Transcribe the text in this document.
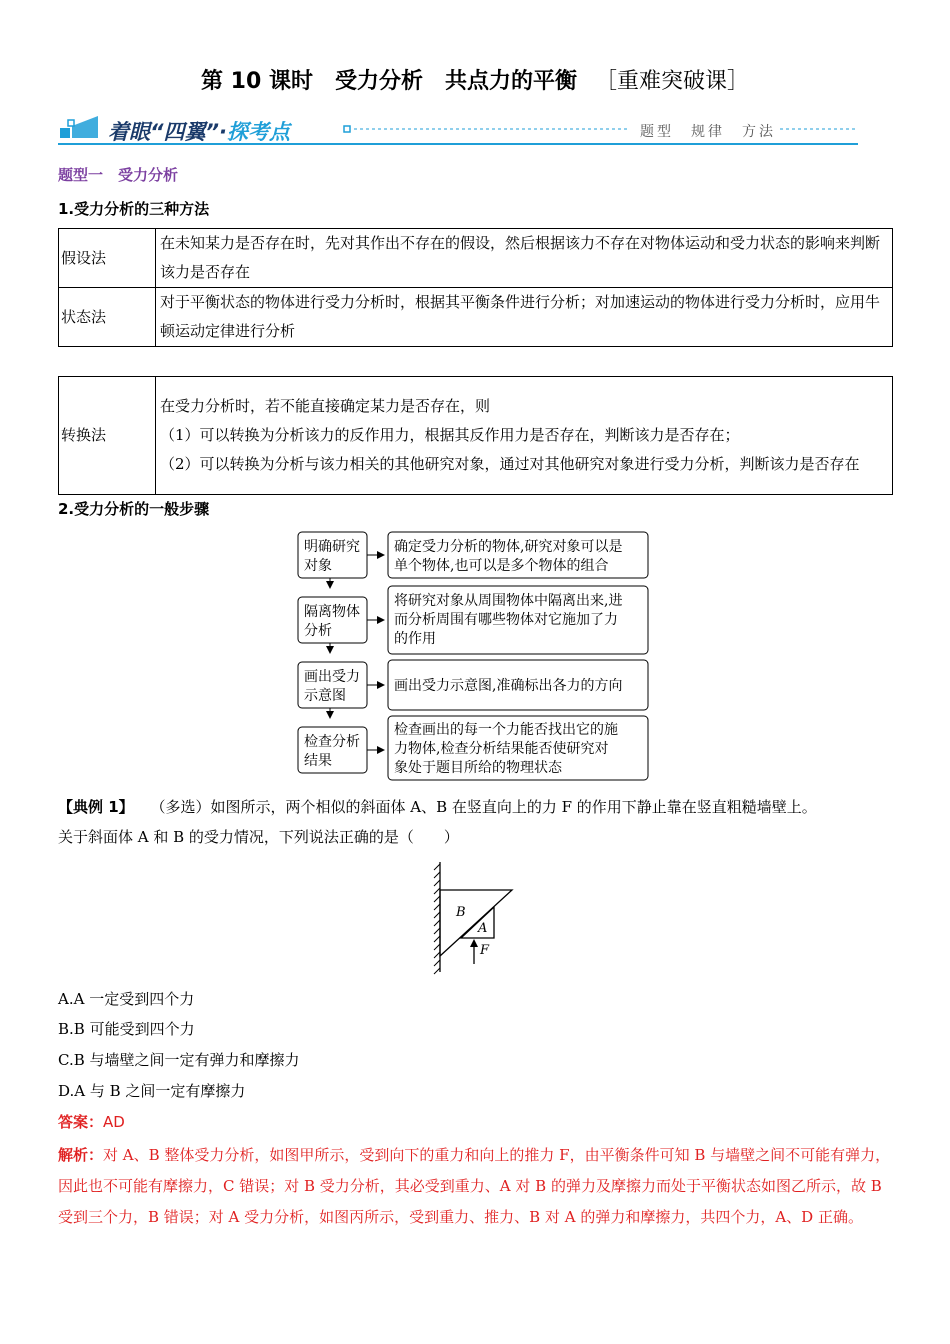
第 10 课时　受力分析　共点力的平衡 ［重难突破课］
着眼“四翼”·探考点	题型　规律　方法
题型一　受力分析
1.受力分析的三种方法
假设法	在未知某力是否存在时，先对其作出不存在的假设，然后根据该力不存在对物体运动和受力状态的影响来判断该力是否存在
状态法	对于平衡状态的物体进行受力分析时，根据其平衡条件进行分析；对加速运动的物体进行受力分析时，应用牛顿运动定律进行分析
转换法	
在受力分析时，若不能直接确定某力是否存在，则
（1）可以转换为分析该力的反作用力，根据其反作用力是否存在，判断该力是否存在；
（2）可以转换为分析与该力相关的其他研究对象，通过对其他研究对象进行受力分析，判断该力是否存在
2.受力分析的一般步骤
明确研究
对象
隔离物体
分析
画出受力
示意图
检查分析
结果
确定受力分析的物体,研究对象可以是
单个物体,也可以是多个物体的组合
将研究对象从周围物体中隔离出来,进
而分析周围有哪些物体对它施加了力
的作用
画出受力示意图,准确标出各力的方向
检查画出的每一个力能否找出它的施
力物体,检查分析结果能否使研究对
象处于题目所给的物理状态
【典例 1】 （多选）如图所示，两个相似的斜面体 A、B 在竖直向上的力 F 的作用下静止靠在竖直粗糙墙壁上。
关于斜面体 A 和 B 的受力情况，下列说法正确的是（　　）
B
A
F
A.A 一定受到四个力
B.B 可能受到四个力
C.B 与墙壁之间一定有弹力和摩擦力
D.A 与 B 之间一定有摩擦力
答案：AD
解析：对 A、B 整体受力分析，如图甲所示，受到向下的重力和向上的推力 F，由平衡条件可知 B 与墙壁之间不可能有弹力，因此也不可能有摩擦力，C 错误；对 B 受力分析，其必受到重力、A 对 B 的弹力及摩擦力而处于平衡状态如图乙所示，故 B 受到三个力，B 错误；对 A 受力分析，如图丙所示，受到重力、推力、B 对 A 的弹力和摩擦力，共四个力，A、D 正确。
